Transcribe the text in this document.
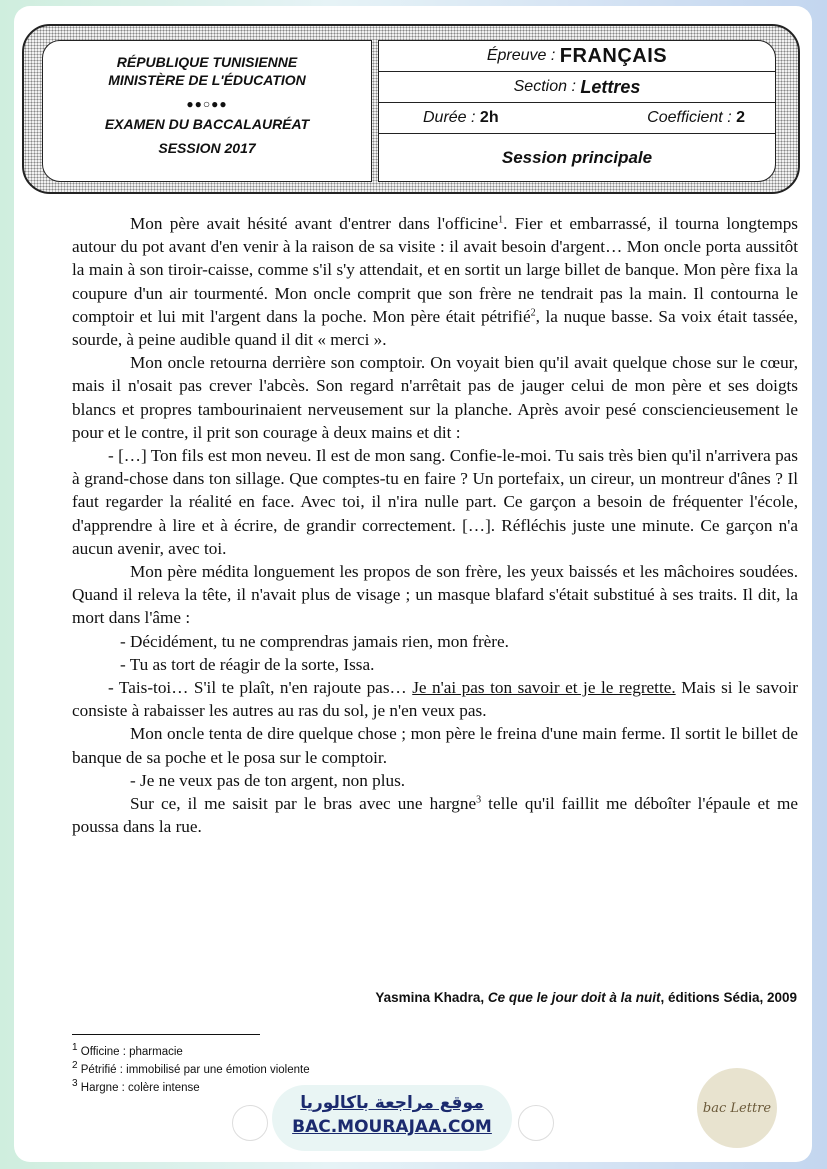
RÉPUBLIQUE TUNISIENNE
MINISTÈRE DE L'ÉDUCATION
●●○●●
EXAMEN DU BACCALAURÉAT
SESSION 2017
Épreuve :
FRANÇAIS
Section :
Lettres
Durée : 2h	Coefficient : 2
Session principale

Mon père avait hésité avant d'entrer dans l'officine$^1$. Fier et embarrassé, il tourna longtemps autour du pot avant d'en venir à la raison de sa visite : il avait besoin d'argent… Mon oncle porta aussitôt la main à son tiroir-caisse, comme s'il s'y attendait, et en sortit un large billet de banque. Mon père fixa la coupure d'un air tourmenté. Mon oncle comprit que son frère ne tendrait pas la main. Il contourna le comptoir et lui mit l'argent dans la poche. Mon père était pétrifié$^2$, la nuque basse. Sa voix était tassée, sourde, à peine audible quand il dit « merci ».

Mon oncle retourna derrière son comptoir. On voyait bien qu'il avait quelque chose sur le cœur, mais il n'osait pas crever l'abcès. Son regard n'arrêtait pas de jauger celui de mon père et ses doigts blancs et propres tambourinaient nerveusement sur la planche. Après avoir pesé consciencieusement le pour et le contre, il prit son courage à deux mains et dit :

- […] Ton fils est mon neveu. Il est de mon sang. Confie-le-moi. Tu sais très bien qu'il n'arrivera pas à grand-chose dans ton sillage. Que comptes-tu en faire ? Un portefaix, un cireur, un montreur d'ânes ? Il faut regarder la réalité en face. Avec toi, il n'ira nulle part. Ce garçon a besoin de fréquenter l'école, d'apprendre à lire et à écrire, de grandir correctement. […]. Réfléchis juste une minute. Ce garçon n'a aucun avenir, avec toi.

Mon père médita longuement les propos de son frère, les yeux baissés et les mâchoires soudées. Quand il releva la tête, il n'avait plus de visage ; un masque blafard s'était substitué à ses traits. Il dit, la mort dans l'âme :

- Décidément, tu ne comprendras jamais rien, mon frère.

- Tu as tort de réagir de la sorte, Issa.

- Tais-toi… S'il te plaît, n'en rajoute pas… Je n'ai pas ton savoir et je le regrette. Mais si le savoir consiste à rabaisser les autres au ras du sol, je n'en veux pas.

Mon oncle tenta de dire quelque chose ; mon père le freina d'une main ferme. Il sortit le billet de banque de sa poche et le posa sur le comptoir.

- Je ne veux pas de ton argent, non plus.

Sur ce, il me saisit par le bras avec une hargne$^3$ telle qu'il faillit me déboîter l'épaule et me poussa dans la rue.

Yasmina Khadra, Ce que le jour doit à la nuit, éditions Sédia, 2009
$^1$ Officine : pharmacie
$^2$ Pétrifié : immobilisé par une émotion violente
$^3$ Hargne : colère intense
موقع مراجعة باكالوريا
BAC.MOURAJAA.COM
bac Lettre
